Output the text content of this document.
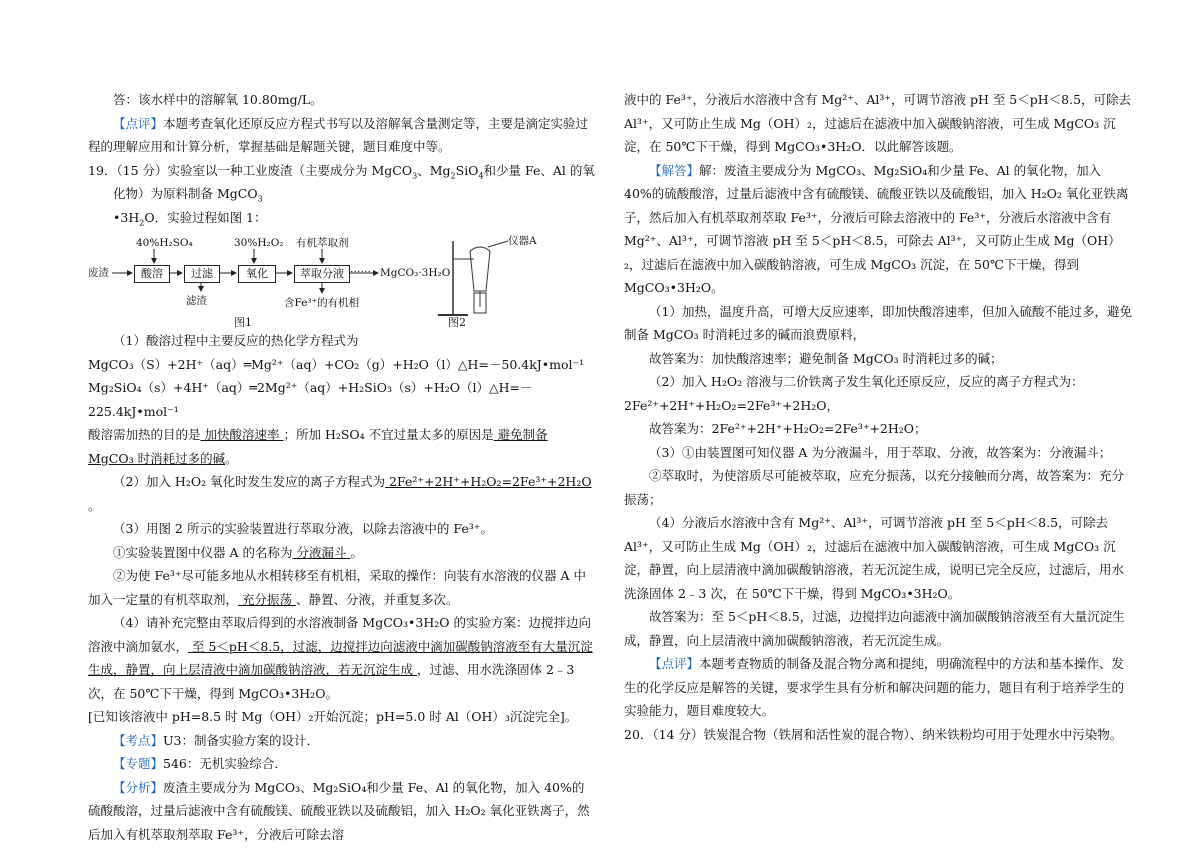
答：该水样中的溶解氧 10.80mg/L。

【点评】本题考查氧化还原反应方程式书写以及溶解氧含量测定等，主要是滴定实验过程的理解应用和计算分析，掌握基础是解题关键，题目难度中等。

19．（15 分）实验室以一种工业废渣（主要成分为 MgCO$_3$、$Mg_2SiO_4$和少量 Fe、Al 的氧化物）为原料制备 MgCO$_3$
$•3H_2O$．实验过程如图 1：

废渣
40%H₂SO₄
酸溶	过滤
30%H₂O₂
氧化
有机萃取剂
萃取分液 …… MgCO₃·3H₂O
滤渣	含Fe³⁺的有机相
仪器A
图1	图2

（1）酸溶过程中主要反应的热化学方程式为

MgCO₃（S）+2H⁺（aq）═Mg²⁺（aq）+CO₂（g）+H₂O（l）△H=－50.4kJ•mol⁻¹

Mg₂SiO₄（s）+4H⁺（aq）═2Mg²⁺（aq）+H₂SiO₃（s）+H₂O（l）△H=－225.4kJ•mol⁻¹

酸溶需加热的目的是 加快酸溶速率 ；所加 H₂SO₄ 不宜过量太多的原因是 避免制备 MgCO₃ 时消耗过多的碱。

（2）加入 H₂O₂ 氧化时发生发应的离子方程式为 2Fe²⁺+2H⁺+H₂O₂=2Fe³⁺+2H₂O 。

（3）用图 2 所示的实验装置进行萃取分液，以除去溶液中的 Fe³⁺。

①实验装置图中仪器 A 的名称为 分液漏斗 。

②为使 Fe³⁺尽可能多地从水相转移至有机相，采取的操作：向装有水溶液的仪器 A 中加入一定量的有机萃取剂， 充分振荡 、静置、分液，并重复多次。

（4）请补充完整由萃取后得到的水溶液制备 MgCO₃•3H₂O 的实验方案：边搅拌边向溶液中滴加氨水， 至 5＜pH＜8.5，过滤，边搅拌边向滤液中滴加碳酸钠溶液至有大量沉淀生成，静置，向上层清液中滴加碳酸钠溶液，若无沉淀生成 ，过滤、用水洗涤固体 2﹣3 次，在 50℃下干燥，得到 MgCO₃•3H₂O。

[已知该溶液中 pH=8.5 时 Mg（OH）₂开始沉淀；pH=5.0 时 Al（OH）₃沉淀完全]。

【考点】U3：制备实验方案的设计．

【专题】546：无机实验综合．

【分析】废渣主要成分为 MgCO₃、Mg₂SiO₄和少量 Fe、Al 的氧化物，加入 40%的硫酸酸溶，过量后滤液中含有硫酸镁、硫酸亚铁以及硫酸铝，加入 H₂O₂ 氧化亚铁离子，然后加入有机萃取剂萃取 Fe³⁺，分液后可除去溶

液中的 Fe³⁺，分液后水溶液中含有 Mg²⁺、Al³⁺，可调节溶液 pH 至 5＜pH＜8.5，可除去 Al³⁺，又可防止生成 Mg（OH）₂，过滤后在滤液中加入碳酸钠溶液，可生成 MgCO₃ 沉淀，在 50℃下干燥，得到 MgCO₃•3H₂O．以此解答该题。

【解答】解：废渣主要成分为 MgCO₃、Mg₂SiO₄和少量 Fe、Al 的氧化物，加入 40%的硫酸酸溶，过量后滤液中含有硫酸镁、硫酸亚铁以及硫酸铝，加入 H₂O₂ 氧化亚铁离子，然后加入有机萃取剂萃取 Fe³⁺，分液后可除去溶液中的 Fe³⁺，分液后水溶液中含有 Mg²⁺、Al³⁺，可调节溶液 pH 至 5＜pH＜8.5，可除去 Al³⁺，又可防止生成 Mg（OH）₂，过滤后在滤液中加入碳酸钠溶液，可生成 MgCO₃ 沉淀，在 50℃下干燥，得到 MgCO₃•3H₂O。

（1）加热，温度升高，可增大反应速率，即加快酸溶速率，但加入硫酸不能过多，避免制备 MgCO₃ 时消耗过多的碱而浪费原料，

故答案为：加快酸溶速率；避免制备 MgCO₃ 时消耗过多的碱；

（2）加入 H₂O₂ 溶液与二价铁离子发生氧化还原反应，反应的离子方程式为：2Fe²⁺+2H⁺+H₂O₂=2Fe³⁺+2H₂O，

故答案为：2Fe²⁺+2H⁺+H₂O₂=2Fe³⁺+2H₂O；

（3）①由装置图可知仪器 A 为分液漏斗，用于萃取、分液，故答案为：分液漏斗；

②萃取时，为使溶质尽可能被萃取，应充分振荡，以充分接触而分离，故答案为：充分振荡；

（4）分液后水溶液中含有 Mg²⁺、Al³⁺，可调节溶液 pH 至 5＜pH＜8.5，可除去 Al³⁺，又可防止生成 Mg（OH）₂，过滤后在滤液中加入碳酸钠溶液，可生成 MgCO₃ 沉淀，静置，向上层清液中滴加碳酸钠溶液，若无沉淀生成，说明已完全反应，过滤后，用水洗涤固体 2﹣3 次，在 50℃下干燥，得到 MgCO₃•3H₂O。

故答案为：至 5＜pH＜8.5，过滤，边搅拌边向滤液中滴加碳酸钠溶液至有大量沉淀生成，静置，向上层清液中滴加碳酸钠溶液，若无沉淀生成。

【点评】本题考查物质的制备及混合物分离和提纯，明确流程中的方法和基本操作、发生的化学反应是解答的关键，要求学生具有分析和解决问题的能力，题目有利于培养学生的实验能力，题目难度较大。

20．（14 分）铁炭混合物（铁屑和活性炭的混合物）、纳米铁粉均可用于处理水中污染物。
